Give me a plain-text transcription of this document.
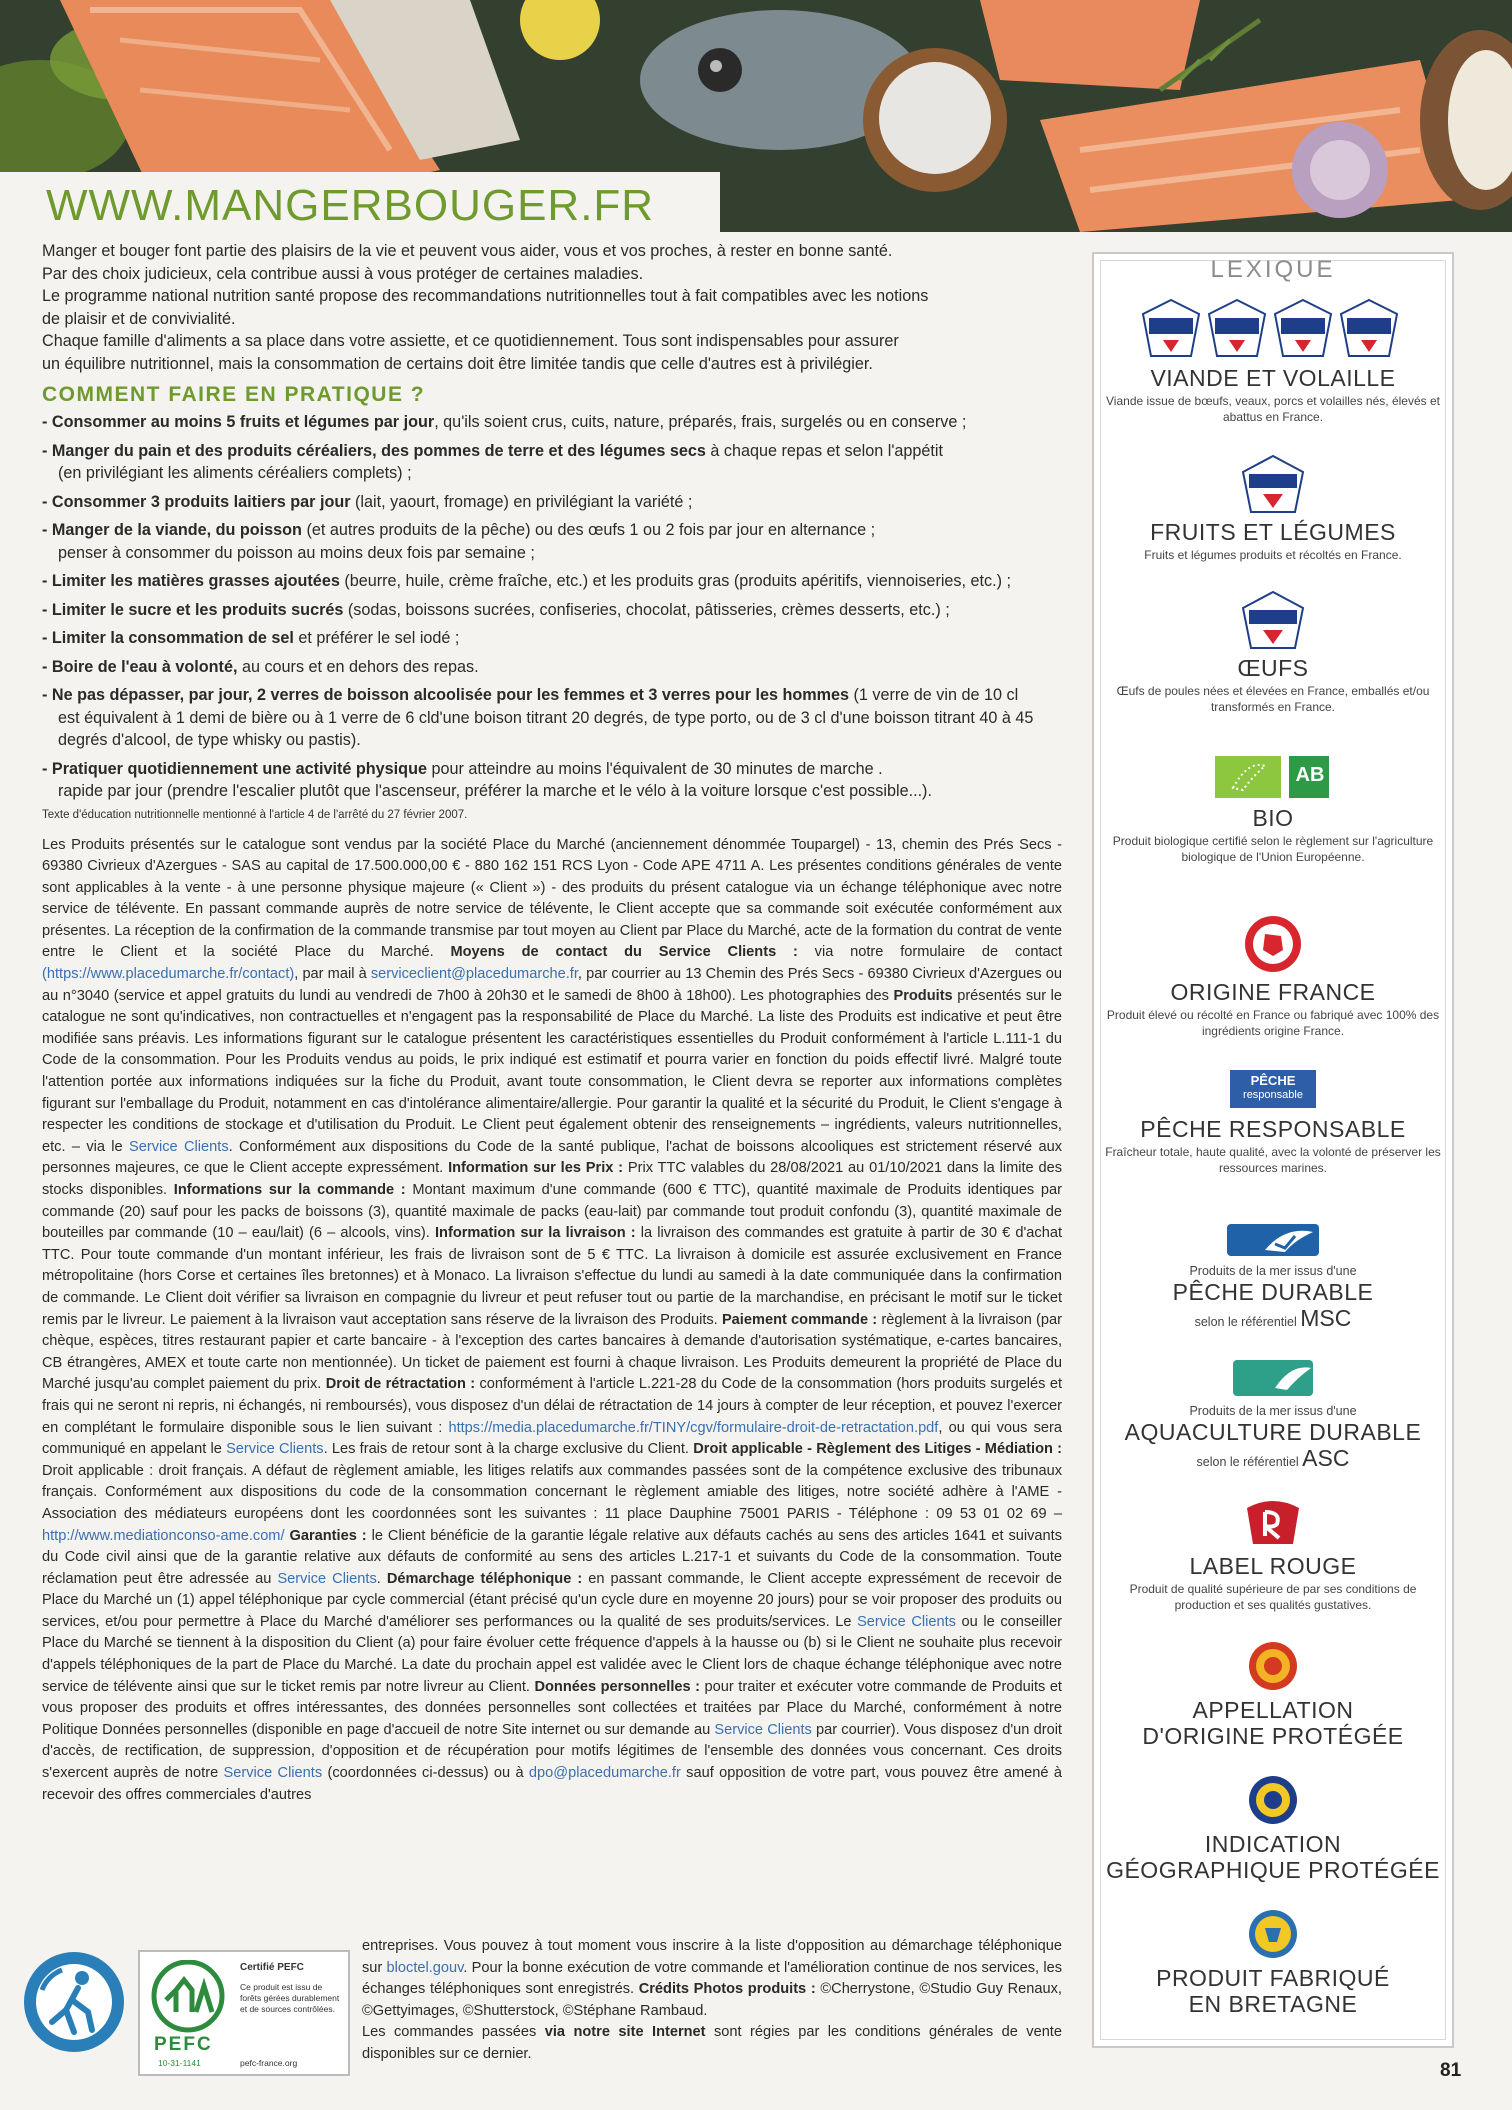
WWW.MANGERBOUGER.FR

Manger et bouger font partie des plaisirs de la vie et peuvent vous aider, vous et vos proches, à rester en bonne santé.

Par des choix judicieux, cela contribue aussi à vous protéger de certaines maladies.

Le programme national nutrition santé propose des recommandations nutritionnelles tout à fait compatibles avec les notions

de plaisir et de convivialité.

Chaque famille d'aliments a sa place dans votre assiette, et ce quotidiennement. Tous sont indispensables pour assurer

un équilibre nutritionnel, mais la consommation de certains doit être limitée tandis que celle d'autres est à privilégier.

COMMENT FAIRE EN PRATIQUE ?
- Consommer au moins 5 fruits et légumes par jour, qu'ils soient crus, cuits, nature, préparés, frais, surgelés ou en conserve ;
- Manger du pain et des produits céréaliers, des pommes de terre et des légumes secs à chaque repas et selon l'appétit
(en privilégiant les aliments céréaliers complets) ;
- Consommer 3 produits laitiers par jour (lait, yaourt, fromage) en privilégiant la variété ;
- Manger de la viande, du poisson (et autres produits de la pêche) ou des œufs 1 ou 2 fois par jour en alternance ;
penser à consommer du poisson au moins deux fois par semaine ;
- Limiter les matières grasses ajoutées (beurre, huile, crème fraîche, etc.) et les produits gras (produits apéritifs, viennoiseries, etc.) ;
- Limiter le sucre et les produits sucrés (sodas, boissons sucrées, confiseries, chocolat, pâtisseries, crèmes desserts, etc.) ;
- Limiter la consommation de sel et préférer le sel iodé ;
- Boire de l'eau à volonté, au cours et en dehors des repas.
- Ne pas dépasser, par jour, 2 verres de boisson alcoolisée pour les femmes et 3 verres pour les hommes (1 verre de vin de 10 cl
est équivalent à 1 demi de bière ou à 1 verre de 6 cld'une boison titrant 20 degrés, de type porto, ou de 3 cl d'une boisson titrant 40 à 45 degrés d'alcool, de type whisky ou pastis).
- Pratiquer quotidiennement une activité physique pour atteindre au moins l'équivalent de 30 minutes de marche .
rapide par jour (prendre l'escalier plutôt que l'ascenseur, préférer la marche et le vélo à la voiture lorsque c'est possible...).
Texte d'éducation nutritionnelle mentionné à l'article 4 de l'arrêté du 27 février 2007.

Les Produits présentés sur le catalogue sont vendus par la société Place du Marché (anciennement dénommée Toupargel) - 13, chemin des Prés Secs - 69380 Civrieux d'Azergues - SAS au capital de 17.500.000,00 € - 880 162 151 RCS Lyon - Code APE 4711 A. Les présentes conditions générales de vente sont applicables à la vente - à une personne physique majeure (« Client ») - des produits du présent catalogue via un échange téléphonique avec notre service de télévente. En passant commande auprès de notre service de télévente, le Client accepte que sa commande soit exécutée conformément aux présentes. La réception de la confirmation de la commande transmise par tout moyen au Client par Place du Marché, acte de la formation du contrat de vente entre le Client et la société Place du Marché. Moyens de contact du Service Clients : via notre formulaire de contact (https://www.placedumarche.fr/contact), par mail à serviceclient@placedumarche.fr, par courrier au 13 Chemin des Prés Secs - 69380 Civrieux d'Azergues ou au n°3040 (service et appel gratuits du lundi au vendredi de 7h00 à 20h30 et le samedi de 8h00 à 18h00). Les photographies des Produits présentés sur le catalogue ne sont qu'indicatives, non contractuelles et n'engagent pas la responsabilité de Place du Marché. La liste des Produits est indicative et peut être modifiée sans préavis. Les informations figurant sur le catalogue présentent les caractéristiques essentielles du Produit conformément à l'article L.111-1 du Code de la consommation. Pour les Produits vendus au poids, le prix indiqué est estimatif et pourra varier en fonction du poids effectif livré. Malgré toute l'attention portée aux informations indiquées sur la fiche du Produit, avant toute consommation, le Client devra se reporter aux informations complètes figurant sur l'emballage du Produit, notamment en cas d'intolérance alimentaire/allergie. Pour garantir la qualité et la sécurité du Produit, le Client s'engage à respecter les conditions de stockage et d'utilisation du Produit. Le Client peut également obtenir des renseignements – ingrédients, valeurs nutritionnelles, etc. – via le Service Clients. Conformément aux dispositions du Code de la santé publique, l'achat de boissons alcooliques est strictement réservé aux personnes majeures, ce que le Client accepte expressément. Information sur les Prix : Prix TTC valables du 28/08/2021 au 01/10/2021 dans la limite des stocks disponibles. Informations sur la commande : Montant maximum d'une commande (600 € TTC), quantité maximale de Produits identiques par commande (20) sauf pour les packs de boissons (3), quantité maximale de packs (eau-lait) par commande tout produit confondu (3), quantité maximale de bouteilles par commande (10 – eau/lait) (6 – alcools, vins). Information sur la livraison : la livraison des commandes est gratuite à partir de 30 € d'achat TTC. Pour toute commande d'un montant inférieur, les frais de livraison sont de 5 € TTC. La livraison à domicile est assurée exclusivement en France métropolitaine (hors Corse et certaines îles bretonnes) et à Monaco. La livraison s'effectue du lundi au samedi à la date communiquée dans la confirmation de commande. Le Client doit vérifier sa livraison en compagnie du livreur et peut refuser tout ou partie de la marchandise, en précisant le motif sur le ticket remis par le livreur. Le paiement à la livraison vaut acceptation sans réserve de la livraison des Produits. Paiement commande : règlement à la livraison (par chèque, espèces, titres restaurant papier et carte bancaire - à l'exception des cartes bancaires à demande d'autorisation systématique, e-cartes bancaires, CB étrangères, AMEX et toute carte non mentionnée). Un ticket de paiement est fourni à chaque livraison. Les Produits demeurent la propriété de Place du Marché jusqu'au complet paiement du prix. Droit de rétractation : conformément à l'article L.221-28 du Code de la consommation (hors produits surgelés et frais qui ne seront ni repris, ni échangés, ni remboursés), vous disposez d'un délai de rétractation de 14 jours à compter de leur réception, et pouvez l'exercer en complétant le formulaire disponible sous le lien suivant : https://media.placedumarche.fr/TINY/cgv/formulaire-droit-de-retractation.pdf, ou qui vous sera communiqué en appelant le Service Clients. Les frais de retour sont à la charge exclusive du Client. Droit applicable - Règlement des Litiges - Médiation : Droit applicable : droit français. A défaut de règlement amiable, les litiges relatifs aux commandes passées sont de la compétence exclusive des tribunaux français. Conformément aux dispositions du code de la consommation concernant le règlement amiable des litiges, notre société adhère à l'AME - Association des médiateurs européens dont les coordonnées sont les suivantes : 11 place Dauphine 75001 PARIS - Téléphone : 09 53 01 02 69 – http://www.mediationconso-ame.com/ Garanties : le Client bénéficie de la garantie légale relative aux défauts cachés au sens des articles 1641 et suivants du Code civil ainsi que de la garantie relative aux défauts de conformité au sens des articles L.217-1 et suivants du Code de la consommation. Toute réclamation peut être adressée au Service Clients. Démarchage téléphonique : en passant commande, le Client accepte expressément de recevoir de Place du Marché un (1) appel téléphonique par cycle commercial (étant précisé qu'un cycle dure en moyenne 20 jours) pour se voir proposer des produits ou services, et/ou pour permettre à Place du Marché d'améliorer ses performances ou la qualité de ses produits/services. Le Service Clients ou le conseiller Place du Marché se tiennent à la disposition du Client (a) pour faire évoluer cette fréquence d'appels à la hausse ou (b) si le Client ne souhaite plus recevoir d'appels téléphoniques de la part de Place du Marché. La date du prochain appel est validée avec le Client lors de chaque échange téléphonique avec notre service de télévente ainsi que sur le ticket remis par notre livreur au Client. Données personnelles : pour traiter et exécuter votre commande de Produits et vous proposer des produits et offres intéressantes, des données personnelles sont collectées et traitées par Place du Marché, conformément à notre Politique Données personnelles (disponible en page d'accueil de notre Site internet ou sur demande au Service Clients par courrier). Vous disposez d'un droit d'accès, de rectification, de suppression, d'opposition et de récupération pour motifs légitimes de l'ensemble des données vous concernant. Ces droits s'exercent auprès de notre Service Clients (coordonnées ci-dessus) ou à dpo@placedumarche.fr sauf opposition de votre part, vous pouvez être amené à recevoir des offres commerciales d'autres

entreprises. Vous pouvez à tout moment vous inscrire à la liste d'opposition au démarchage téléphonique sur bloctel.gouv. Pour la bonne exécution de votre commande et l'amélioration continue de nos services, les échanges téléphoniques sont enregistrés. Crédits Photos produits : ©Cherrystone, ©Studio Guy Renaux, ©Gettyimages, ©Shutterstock, ©Stéphane Rambaud.
Les commandes passées via notre site Internet sont régies par les conditions générales de vente disponibles sur ce dernier.

PEFC
10-31-1141
Certifié PEFC
Ce produit est issu de forêts gérées durablement et de sources contrôlées.
pefc-france.org	81
LEXIQUE
VIANDE ET VOLAILLE
Viande issue de bœufs, veaux, porcs et volailles nés, élevés et abattus en France.
FRUITS ET LÉGUMES
Fruits et légumes produits et récoltés en France.
ŒUFS
Œufs de poules nées et élevées en France, emballés et/ou transformés en France.
AB
BIO
Produit biologique certifié selon le règlement sur l'agriculture biologique de l'Union Européenne.
ORIGINE FRANCE
Produit élevé ou récolté en France ou fabriqué avec 100% des ingrédients origine France.
PÊCHE
responsable
PÊCHE RESPONSABLE
Fraîcheur totale, haute qualité, avec la volonté de préserver les ressources marines.
Produits de la mer issus d'une
PÊCHE DURABLE
selon le référentiel MSC
Produits de la mer issus d'une
AQUACULTURE DURABLE
selon le référentiel ASC
LABEL ROUGE
Produit de qualité supérieure de par ses conditions de production et ses qualités gustatives.
APPELLATION
D'ORIGINE PROTÉGÉE
INDICATION
GÉOGRAPHIQUE PROTÉGÉE
PRODUIT FABRIQUÉ
EN BRETAGNE
